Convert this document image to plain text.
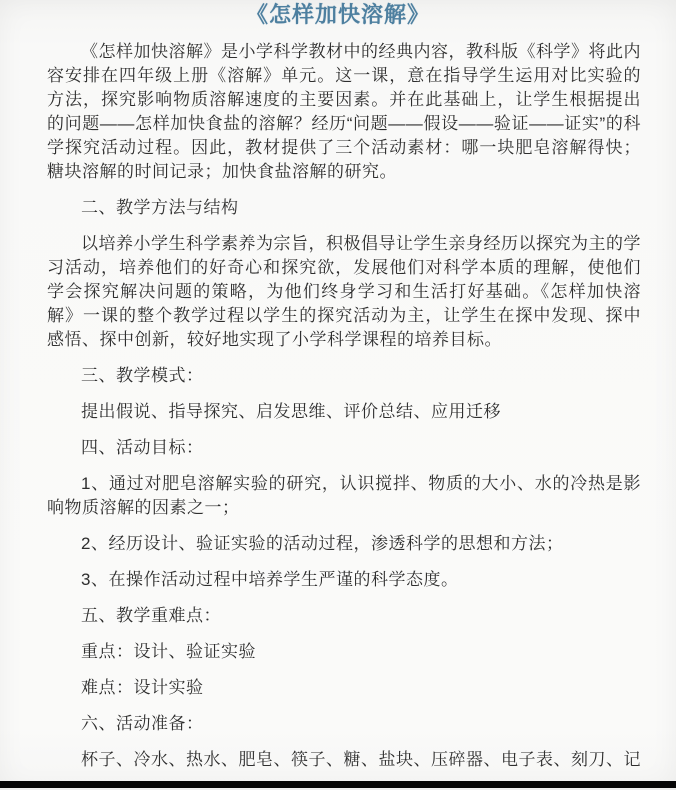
《怎样加快溶解》

《怎样加快溶解》是小学科学教材中的经典内容，教科版《科学》将此内容安排在四年级上册《溶解》单元。这一课，意在指导学生运用对比实验的方法，探究影响物质溶解速度的主要因素。并在此基础上，让学生根据提出的问题——怎样加快食盐的溶解？经历“问题——假设——验证——证实”的科学探究活动过程。因此，教材提供了三个活动素材：哪一块肥皂溶解得快；糖块溶解的时间记录；加快食盐溶解的研究。

二、教学方法与结构

以培养小学生科学素养为宗旨，积极倡导让学生亲身经历以探究为主的学习活动，培养他们的好奇心和探究欲，发展他们对科学本质的理解，使他们学会探究解决问题的策略，为他们终身学习和生活打好基础。《怎样加快溶解》一课的整个教学过程以学生的探究活动为主，让学生在探中发现、探中感悟、探中创新，较好地实现了小学科学课程的培养目标。

三、教学模式：

提出假说、指导探究、启发思维、评价总结、应用迁移

四、活动目标：

1、通过对肥皂溶解实验的研究，认识搅拌、物质的大小、水的冷热是影响物质溶解的因素之一；

2、经历设计、验证实验的活动过程，渗透科学的思想和方法；

3、在操作活动过程中培养学生严谨的科学态度。

五、教学重难点：

重点：设计、验证实验

难点：设计实验

六、活动准备：

杯子、冷水、热水、肥皂、筷子、糖、盐块、压碎器、电子表、刻刀、记
